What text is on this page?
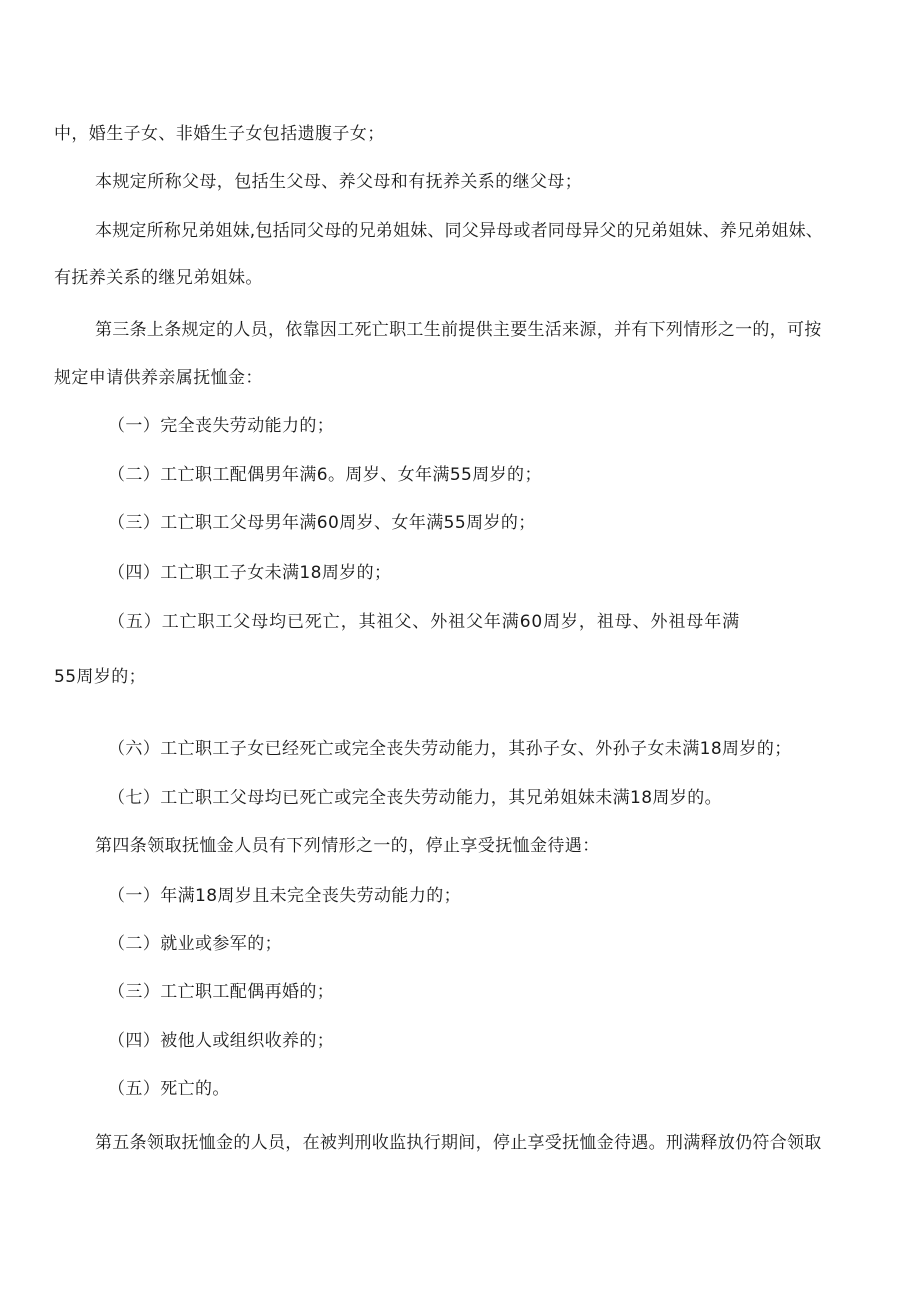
中，婚生子女、非婚生子女包括遗腹子女；

本规定所称父母，包括生父母、养父母和有抚养关系的继父母；

本规定所称兄弟姐妹,包括同父母的兄弟姐妹、同父异母或者同母异父的兄弟姐妹、养兄弟姐妹、

有抚养关系的继兄弟姐妹。

第三条上条规定的人员，依靠因工死亡职工生前提供主要生活来源，并有下列情形之一的，可按

规定申请供养亲属抚恤金：

（一）完全丧失劳动能力的；

（二）工亡职工配偶男年满6。周岁、女年满55周岁的；

（三）工亡职工父母男年满60周岁、女年满55周岁的；

（四）工亡职工子女未满18周岁的；

（五）工亡职工父母均已死亡，其祖父、外祖父年满60周岁，祖母、外祖母年满

55周岁的；

（六）工亡职工子女已经死亡或完全丧失劳动能力，其孙子女、外孙子女未满18周岁的；

（七）工亡职工父母均已死亡或完全丧失劳动能力，其兄弟姐妹未满18周岁的。

第四条领取抚恤金人员有下列情形之一的，停止享受抚恤金待遇：

（一）年满18周岁且未完全丧失劳动能力的；

（二）就业或参军的；

（三）工亡职工配偶再婚的；

（四）被他人或组织收养的；

（五）死亡的。

第五条领取抚恤金的人员，在被判刑收监执行期间，停止享受抚恤金待遇。刑满释放仍符合领取
